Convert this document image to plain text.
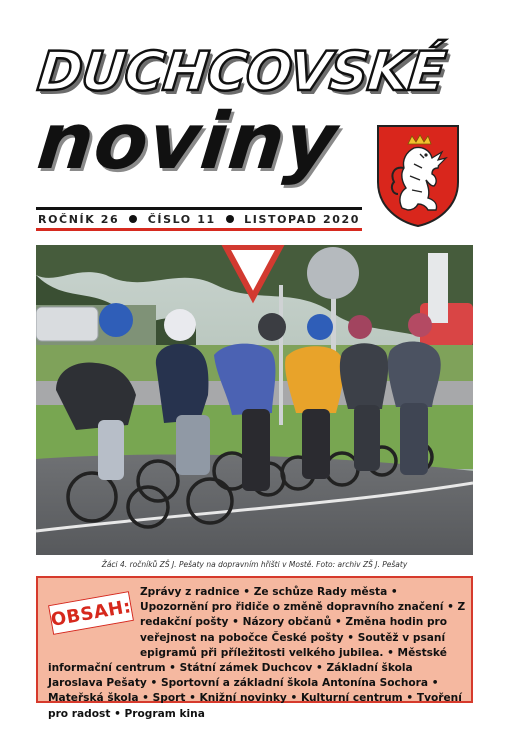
DUCHCOVSKÉ
noviny
ROČNÍK 26	ČÍSLO 11	LISTOPAD 2020
Žáci 4. ročníků ZŠ J. Pešaty na dopravním hřišti v Mostě. Foto: archiv ZŠ J. Pešaty
OBSAH:
Zprávy z radnice • Ze schůze Rady města • Upozornění pro řidiče o změně dopravního značení • Z redakční pošty • Názory občanů • Změna hodin pro veřejnost na pobočce České pošty • Soutěž v psaní epigramů při příležitosti velkého jubilea. • Městské informační centrum • Státní zámek Duchcov • Základní škola Jaroslava Pešaty • Sportovní a základní škola Antonína Sochora • Mateřská škola • Sport • Knižní novinky • Kulturní centrum • Tvoření pro radost • Program kina
